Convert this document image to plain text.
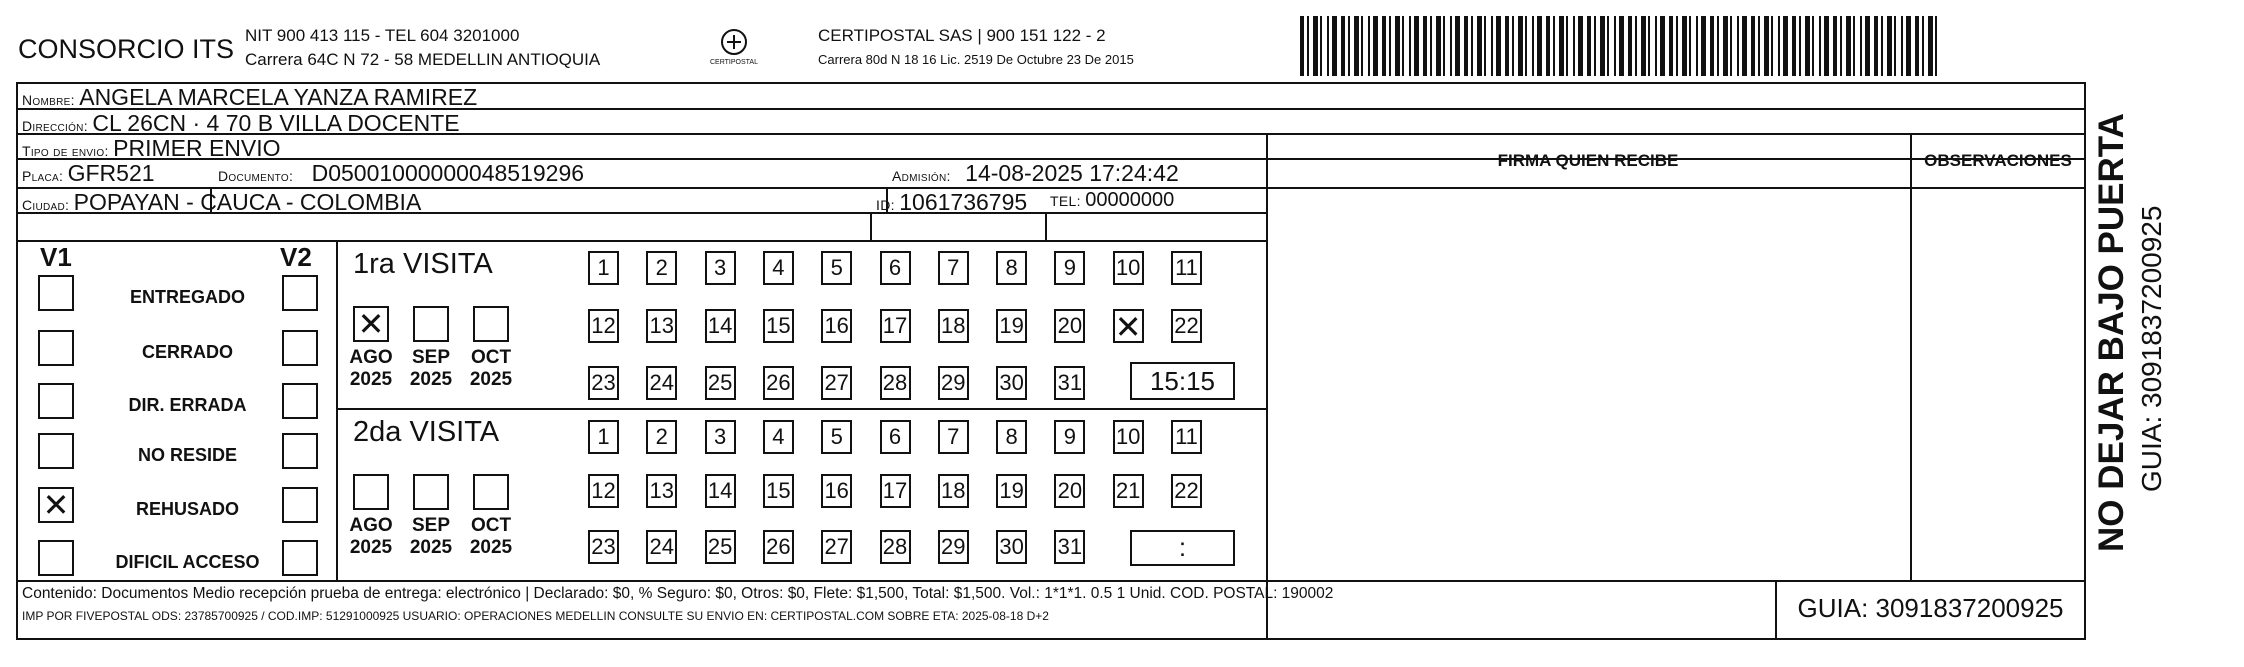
CONSORCIO ITS NIT 900 413 115 - TEL 604 3201000
Carrera 64C N 72 - 58 MEDELLIN ANTIOQUIA	CERTIPOSTAL
CERTIPOSTAL SAS | 900 151 122 - 2
Carrera 80d N 18 16 Lic. 2519 De Octubre 23 De 2015
Nombre: ANGELA MARCELA YANZA RAMIREZ
Dirección: CL 26CN · 4 70 B VILLA DOCENTE
Tipo de envio: PRIMER ENVIO	FIRMA QUIEN RECIBE	OBSERVACIONES
Placa: GFR521	Documento: D05001000000048519296	Admisión: 14-08-2025 17:24:42
Ciudad: POPAYAN - CAUCA - COLOMBIA	ID: 1061736795 TEL: 00000000
V1	V2
ENTREGADO
CERRADO
DIR. ERRADA
NO RESIDE
✕
REHUSADO
DIFICIL ACCESO
1ra VISITA
2da VISITA
✕
AGO
2025
SEP
2025
OCT
2025
AGO
2025
SEP
2025
OCT
2025
1	2	3	4	5	6	7	8	9	10 11
12 13 14 15 16 17 18 19 20
✕	22
23 24 25 26 27 28 29 30 31
1	2	3	4	5	6	7	8	9	10 11
12 13 14 15 16 17 18 19 20 21 22
23 24 25 26 27 28 29 30 31
15:15
:
Contenido: Documentos Medio recepción prueba de entrega: electrónico | Declarado: $0, % Seguro: $0, Otros: $0, Flete: $1,500, Total: $1,500. Vol.: 1*1*1. 0.5 1 Unid. COD. POSTAL: 190002
IMP POR FIVEPOSTAL ODS: 23785700925 / COD.IMP: 51291000925 USUARIO: OPERACIONES MEDELLIN CONSULTE SU ENVIO EN: CERTIPOSTAL.COM SOBRE ETA: 2025-08-18 D+2	GUIA: 3091837200925
NO DEJAR BAJO PUERTA GUIA: 3091837200925
